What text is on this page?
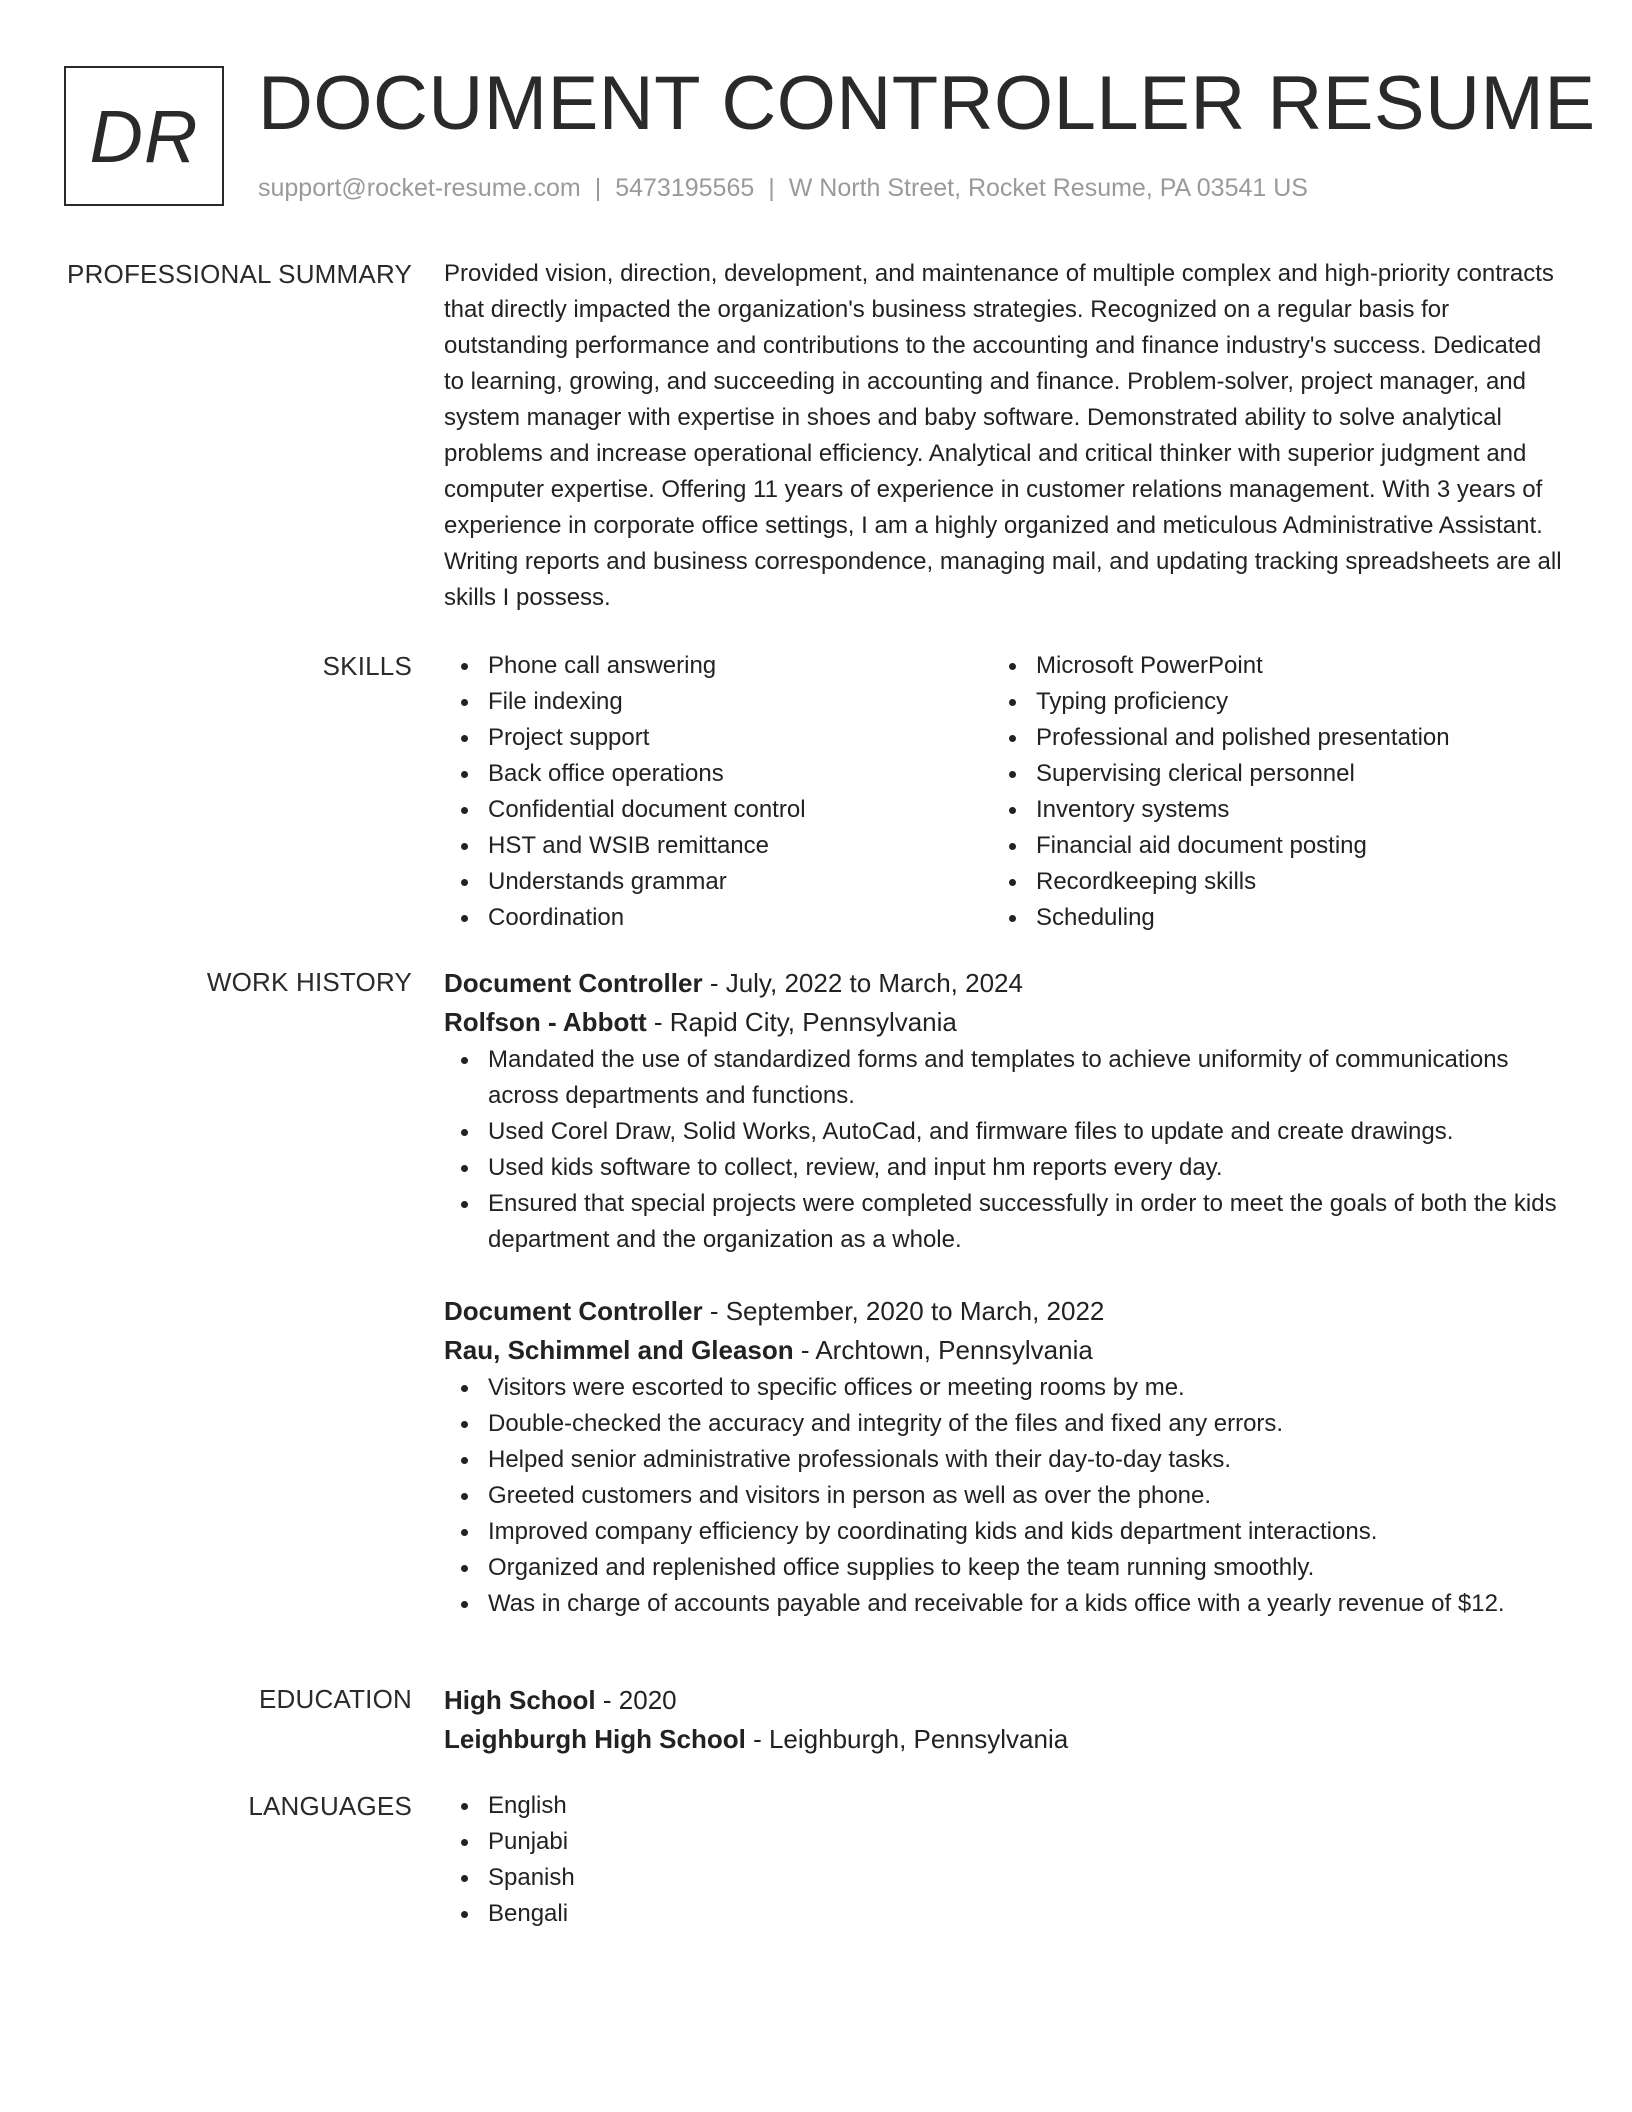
DR DOCUMENT CONTROLLER RESUME
support@rocket-resume.com | 5473195565 | W North Street, Rocket Resume, PA 03541 US
PROFESSIONAL SUMMARY Provided vision, direction, development, and maintenance of multiple complex and high-priority contracts that directly impacted the organization's business strategies. Recognized on a regular basis for outstanding performance and contributions to the accounting and finance industry's success. Dedicated to learning, growing, and succeeding in accounting and finance. Problem-solver, project manager, and system manager with expertise in shoes and baby software. Demonstrated ability to solve analytical problems and increase operational efficiency. Analytical and critical thinker with superior judgment and computer expertise. Offering 11 years of experience in customer relations management. With 3 years of experience in corporate office settings, I am a highly organized and meticulous Administrative Assistant. Writing reports and business correspondence, managing mail, and updating tracking spreadsheets are all skills I possess.

SKILLS	Phone call answering
File indexing
Project support
Back office operations
Confidential document control
HST and WSIB remittance
Understands grammar
Coordination
Microsoft PowerPoint
Typing proficiency
Professional and polished presentation
Supervising clerical personnel
Inventory systems
Financial aid document posting
Recordkeeping skills
Scheduling
WORK HISTORY Document Controller - July, 2022 to March, 2024
Rolfson - Abbott - Rapid City, Pennsylvania
Mandated the use of standardized forms and templates to achieve uniformity of communications across departments and functions.
Used Corel Draw, Solid Works, AutoCad, and firmware files to update and create drawings.
Used kids software to collect, review, and input hm reports every day.
Ensured that special projects were completed successfully in order to meet the goals of both the kids department and the organization as a whole.
Document Controller - September, 2020 to March, 2022
Rau, Schimmel and Gleason - Archtown, Pennsylvania
Visitors were escorted to specific offices or meeting rooms by me.
Double-checked the accuracy and integrity of the files and fixed any errors.
Helped senior administrative professionals with their day-to-day tasks.
Greeted customers and visitors in person as well as over the phone.
Improved company efficiency by coordinating kids and kids department interactions.
Organized and replenished office supplies to keep the team running smoothly.
Was in charge of accounts payable and receivable for a kids office with a yearly revenue of $12.
EDUCATION High School - 2020
Leighburgh High School - Leighburgh, Pennsylvania
LANGUAGES	English
Punjabi
Spanish
Bengali
